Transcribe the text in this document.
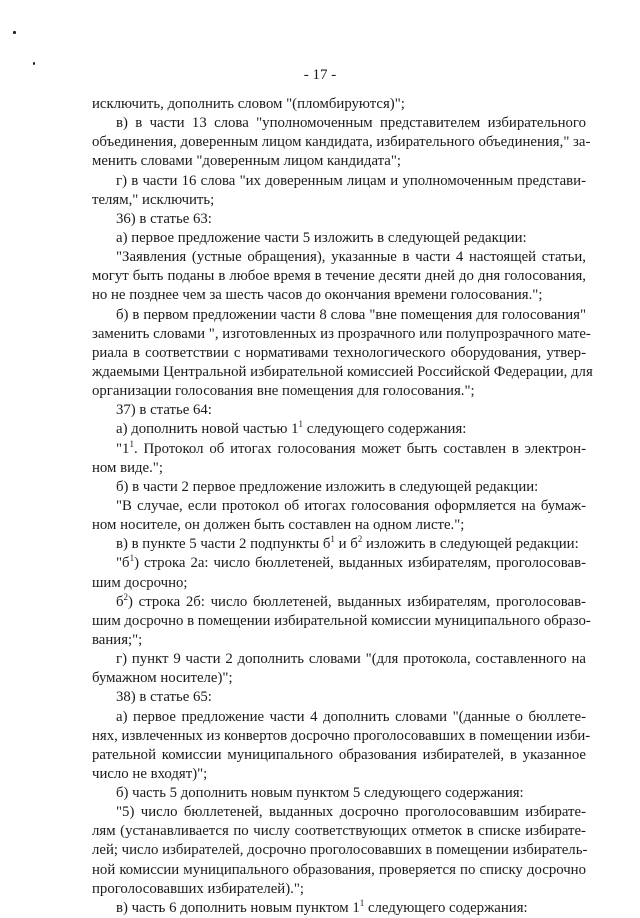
- 17 -
исключить, дополнить словом "(пломбируются)";
в) в части 13 слова "уполномоченным представителем избирательного
объединения, доверенным лицом кандидата, избирательного объединения," за-
менить словами "доверенным лицом кандидата";
г) в части 16 слова "их доверенным лицам и уполномоченным представи-
телям," исключить;
36) в статье 63:
а) первое предложение части 5 изложить в следующей редакции:
"Заявления (устные обращения), указанные в части 4 настоящей статьи,
могут быть поданы в любое время в течение десяти дней до дня голосования,
но не позднее чем за шесть часов до окончания времени голосования.";
б) в первом предложении части 8 слова "вне помещения для голосования"
заменить словами ", изготовленных из прозрачного или полупрозрачного мате-
риала в соответствии с нормативами технологического оборудования, утвер-
ждаемыми Центральной избирательной комиссией Российской Федерации, для
организации голосования вне помещения для голосования.";
37) в статье 64:
а) дополнить новой частью $1^1$ следующего содержания:
"$1^1$. Протокол об итогах голосования может быть составлен в электрон-
ном виде.";
б) в части 2 первое предложение изложить в следующей редакции:
"В случае, если протокол об итогах голосования оформляется на бумаж-
ном носителе, он должен быть составлен на одном листе.";
в) в пункте 5 части 2 подпункты $б^1$ и $б^2$ изложить в следующей редакции:
"$б^1$) строка 2а: число бюллетеней, выданных избирателям, проголосовав-
шим досрочно;
$б^2$) строка 2б: число бюллетеней, выданных избирателям, проголосовав-
шим досрочно в помещении избирательной комиссии муниципального образо-
вания;";
г) пункт 9 части 2 дополнить словами "(для протокола, составленного на
бумажном носителе)";
38) в статье 65:
а) первое предложение части 4 дополнить словами "(данные о бюллете-
нях, извлеченных из конвертов досрочно проголосовавших в помещении изби-
рательной комиссии муниципального образования избирателей, в указанное
число не входят)";
б) часть 5 дополнить новым пунктом 5 следующего содержания:
"5) число бюллетеней, выданных досрочно проголосовавшим избирате-
лям (устанавливается по числу соответствующих отметок в списке избирате-
лей; число избирателей, досрочно проголосовавших в помещении избиратель-
ной комиссии муниципального образования, проверяется по списку досрочно
проголосовавших избирателей).";
в) часть 6 дополнить новым пунктом $1^1$ следующего содержания:
